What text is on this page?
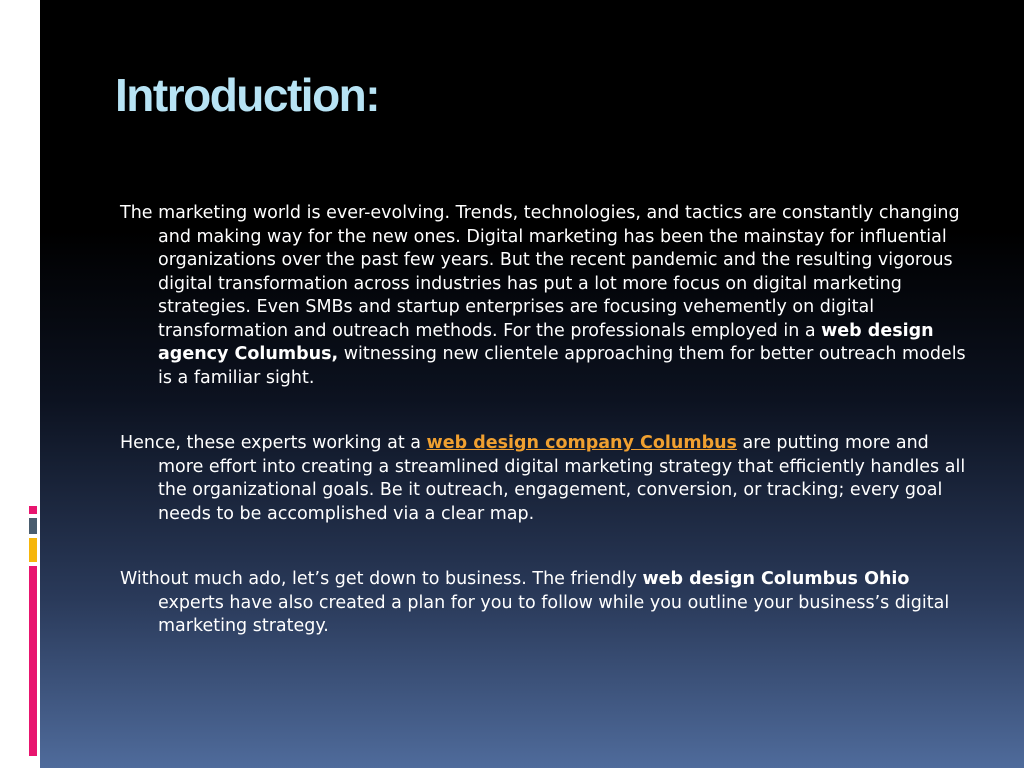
Introduction:

The marketing world is ever-evolving. Trends, technologies, and tactics are constantly changing and making way for the new ones. Digital marketing has been the mainstay for influential organizations over the past few years. But the recent pandemic and the resulting vigorous digital transformation across industries has put a lot more focus on digital marketing strategies. Even SMBs and startup enterprises are focusing vehemently on digital transformation and outreach methods. For the professionals employed in a web design agency Columbus, witnessing new clientele approaching them for better outreach models is a familiar sight.

Hence, these experts working at a web design company Columbus are putting more and more effort into creating a streamlined digital marketing strategy that efficiently handles all the organizational goals. Be it outreach, engagement, conversion, or tracking; every goal needs to be accomplished via a clear map.

Without much ado, let’s get down to business. The friendly web design Columbus Ohio experts have also created a plan for you to follow while you outline your business’s digital marketing strategy.
